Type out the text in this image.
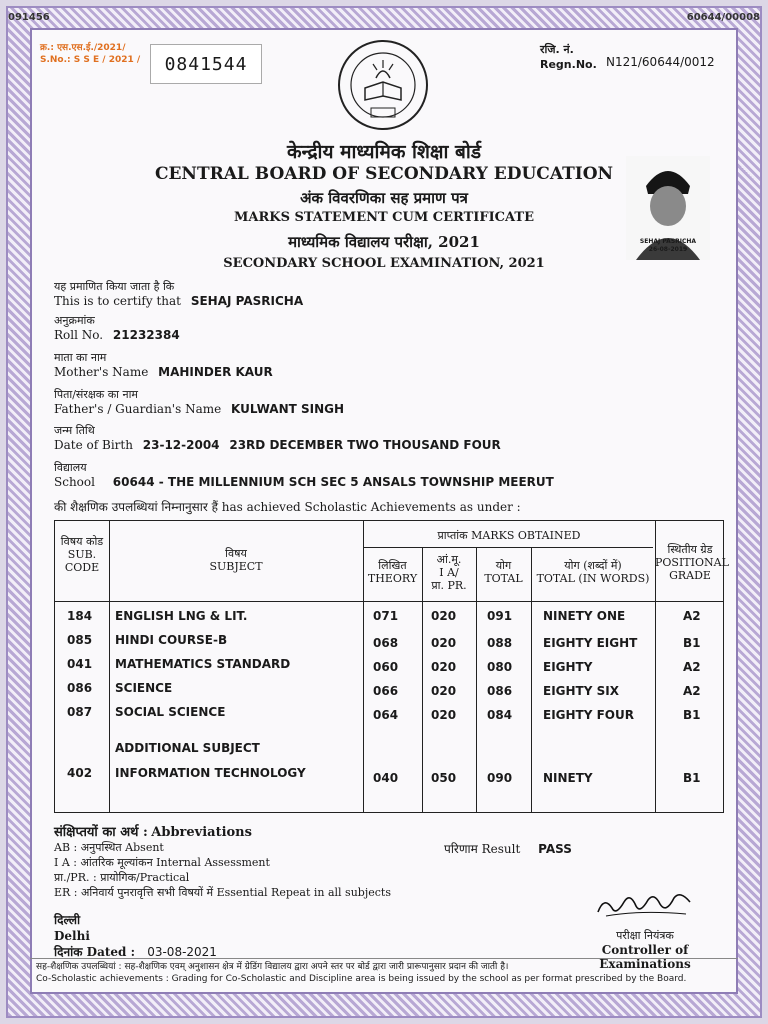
091456	60644/00008
क्र.: एस.एस.ई./2021/
S.No.: S S E / 2021 /	0841544
रजि. नं.
Regn.No. N121/60644/0012
केन्द्रीय माध्यमिक शिक्षा बोर्ड
CENTRAL BOARD OF SECONDARY EDUCATION
अंक विवरणिका सह प्रमाण पत्र
MARKS STATEMENT CUM CERTIFICATE
माध्यमिक विद्यालय परीक्षा, 2021
SECONDARY SCHOOL EXAMINATION, 2021
SEHAJ PASRICHA
26-08-2019
यह प्रमाणित किया जाता है कि
This is to certify that SEHAJ PASRICHA
अनुक्रमांक
Roll No. 21232384
माता का नाम
Mother's Name MAHINDER KAUR
पिता/संरक्षक का नाम
Father's / Guardian's Name KULWANT SINGH
जन्म तिथि
Date of Birth 23-12-2004 23RD DECEMBER TWO THOUSAND FOUR
विद्यालय
School 60644 - THE MILLENNIUM SCH SEC 5 ANSALS TOWNSHIP MEERUT
की शैक्षणिक उपलब्धियां निम्नानुसार हैं has achieved Scholastic Achievements as under :
विषय कोड
SUB.
CODE
विषय
SUBJECT
प्राप्तांक MARKS OBTAINED
लिखित
THEORY
आं.मू.
I A/
प्रा. PR.
योग
TOTAL
योग (शब्दों में)
TOTAL (IN WORDS)
स्थितीय ग्रेड
POSITIONAL
GRADE
184 ENGLISH LNG & LIT.	071	020	091	NINETY ONE	A2
085 HINDI COURSE-B	068	020	088	EIGHTY EIGHT	B1
041 MATHEMATICS STANDARD	060	020	080	EIGHTY	A2
086 SCIENCE	066	020	086	EIGHTY SIX	A2
087 SOCIAL SCIENCE	064	020	084	EIGHTY FOUR	B1
ADDITIONAL SUBJECT
402 INFORMATION TECHNOLOGY	040	050	090	NINETY	B1
संक्षिप्तयों का अर्थ : Abbreviations
AB : अनुपस्थित Absent
I A : आंतरिक मूल्यांकन Internal Assessment
प्रा./PR. : प्रायोगिक/Practical
ER : अनिवार्य पुनरावृत्ति सभी विषयों में Essential Repeat in all subjects
परिणाम Result PASS
दिल्ली
Delhi
दिनांक Dated : 03-08-2021
परीक्षा नियंत्रक
Controller of Examinations
सह-शैक्षणिक उपलब्धियां : सह-शैक्षणिक एवम् अनुशासन क्षेत्र में ग्रेडिंग विद्यालय द्वारा अपने स्तर पर बोर्ड द्वारा जारी प्रारूपानुसार प्रदान की जाती है।
Co-Scholastic achievements : Grading for Co-Scholastic and Discipline area is being issued by the school as per format prescribed by the Board.
